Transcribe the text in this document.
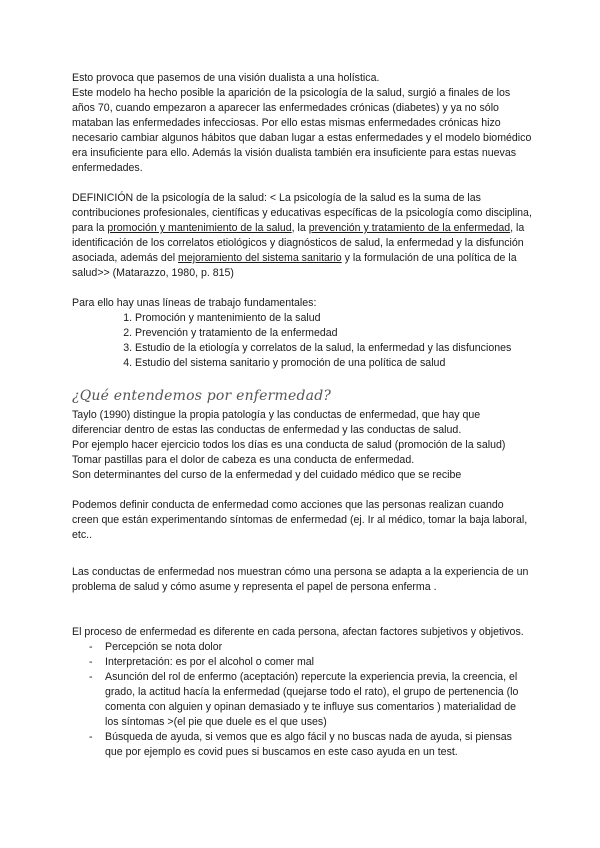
Esto provoca que pasemos de una visión dualista a una holística.

Este modelo ha hecho posible la aparición de la psicología de la salud, surgió a finales de los años 70, cuando empezaron a aparecer las enfermedades crónicas (diabetes) y ya no sólo mataban las enfermedades infecciosas. Por ello estas mismas enfermedades crónicas hizo necesario cambiar algunos hábitos que daban lugar a estas enfermedades y el modelo biomédico era insuficiente para ello. Además la visión dualista también era insuficiente para estas nuevas enfermedades.

DEFINICIÓN de la psicología de la salud: < La psicología de la salud es la suma de las contribuciones profesionales, científicas y educativas específicas de la psicología como disciplina, para la promoción y mantenimiento de la salud, la prevención y tratamiento de la enfermedad, la identificación de los correlatos etiológicos y diagnósticos de salud, la enfermedad y la disfunción asociada, además del mejoramiento del sistema sanitario y la formulación de una política de la salud>> (Matarazzo, 1980, p. 815)

Para ello hay unas líneas de trabajo fundamentales:

1. Promoción y mantenimiento de la salud
2. Prevención y tratamiento de la enfermedad
3. Estudio de la etiología y correlatos de la salud, la enfermedad y las disfunciones
4. Estudio del sistema sanitario y promoción de una política de salud
¿Qué entendemos por enfermedad?

Taylo (1990) distingue la propia patología y las conductas de enfermedad, que hay que diferenciar dentro de estas las conductas de enfermedad y las conductas de salud.

Por ejemplo hacer ejercicio todos los días es una conducta de salud (promoción de la salud)

Tomar pastillas para el dolor de cabeza es una conducta de enfermedad.

Son determinantes del curso de la enfermedad y del cuidado médico que se recibe

Podemos definir conducta de enfermedad como acciones que las personas realizan cuando creen que están experimentando síntomas de enfermedad (ej. Ir al médico, tomar la baja laboral, etc..

Las conductas de enfermedad nos muestran cómo una persona se adapta a la experiencia de un problema de salud y cómo asume y representa el papel de persona enferma .

El proceso de enfermedad es diferente en cada persona, afectan factores subjetivos y objetivos.

- Percepción se nota dolor
- Interpretación: es por el alcohol o comer mal
- Asunción del rol de enfermo (aceptación) repercute la experiencia previa, la creencia, el grado, la actitud hacía la enfermedad (quejarse todo el rato), el grupo de pertenencia (lo comenta con alguien y opinan demasiado y te influye sus comentarios ) materialidad de los síntomas >(el pie que duele es el que uses)
- Búsqueda de ayuda, si vemos que es algo fácil y no buscas nada de ayuda, si piensas que por ejemplo es covid pues si buscamos en este caso ayuda en un test.
